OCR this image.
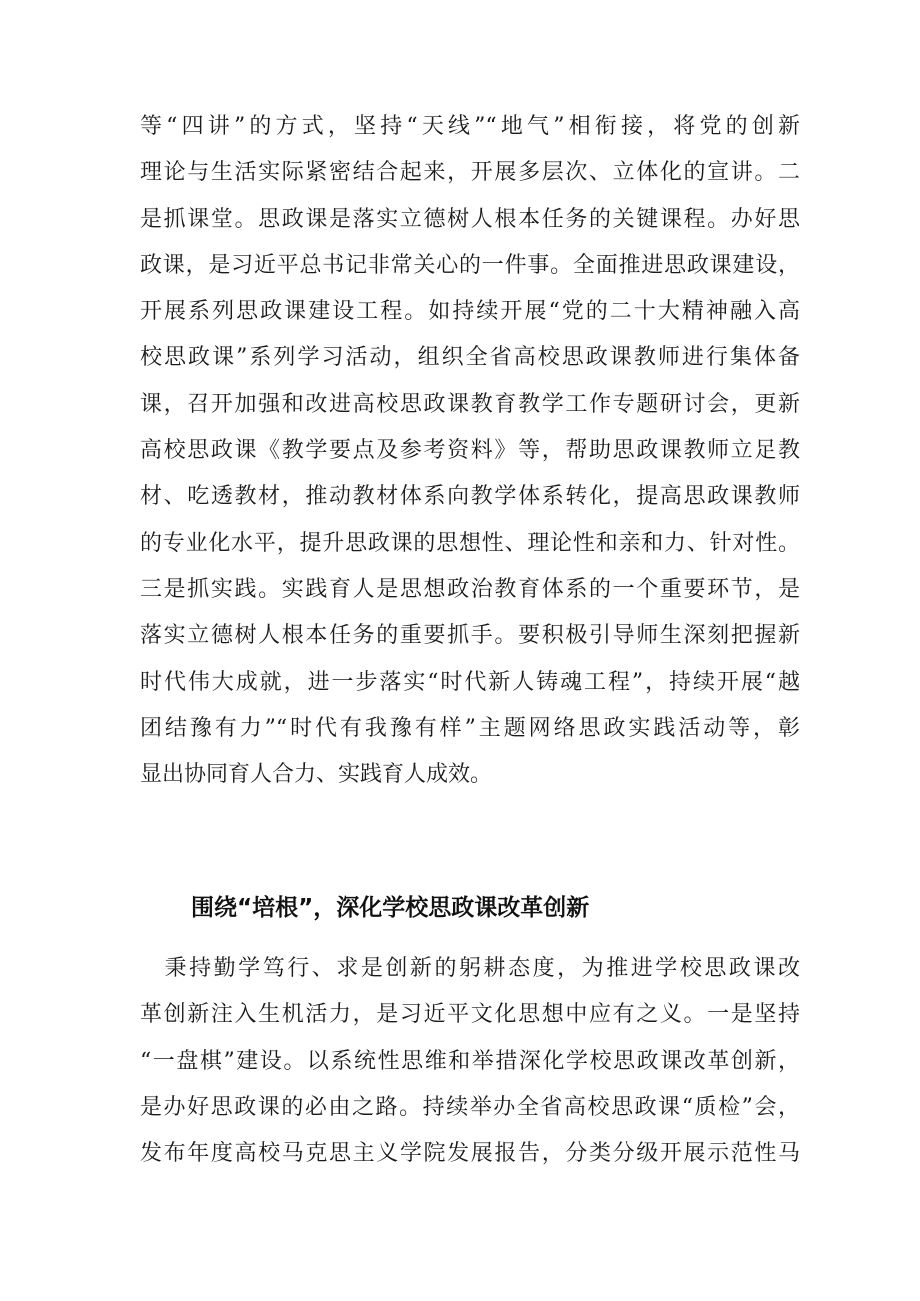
等“四讲”的方式，坚持“天线”“地气”相衔接，将党的创新
理论与生活实际紧密结合起来，开展多层次、立体化的宣讲。二
是抓课堂。思政课是落实立德树人根本任务的关键课程。办好思
政课，是习近平总书记非常关心的一件事。全面推进思政课建设，
开展系列思政课建设工程。如持续开展“党的二十大精神融入高
校思政课”系列学习活动，组织全省高校思政课教师进行集体备
课，召开加强和改进高校思政课教育教学工作专题研讨会，更新
高校思政课《教学要点及参考资料》等，帮助思政课教师立足教
材、吃透教材，推动教材体系向教学体系转化，提高思政课教师
的专业化水平，提升思政课的思想性、理论性和亲和力、针对性。
三是抓实践。实践育人是思想政治教育体系的一个重要环节，是
落实立德树人根本任务的重要抓手。要积极引导师生深刻把握新
时代伟大成就，进一步落实“时代新人铸魂工程”，持续开展“越
团结豫有力”“时代有我豫有样”主题网络思政实践活动等，彰
显出协同育人合力、实践育人成效。

围绕“培根”，深化学校思政课改革创新

　秉持勤学笃行、求是创新的躬耕态度，为推进学校思政课改
革创新注入生机活力，是习近平文化思想中应有之义。一是坚持
“一盘棋”建设。以系统性思维和举措深化学校思政课改革创新，
是办好思政课的必由之路。持续举办全省高校思政课“质检”会，
发布年度高校马克思主义学院发展报告，分类分级开展示范性马
